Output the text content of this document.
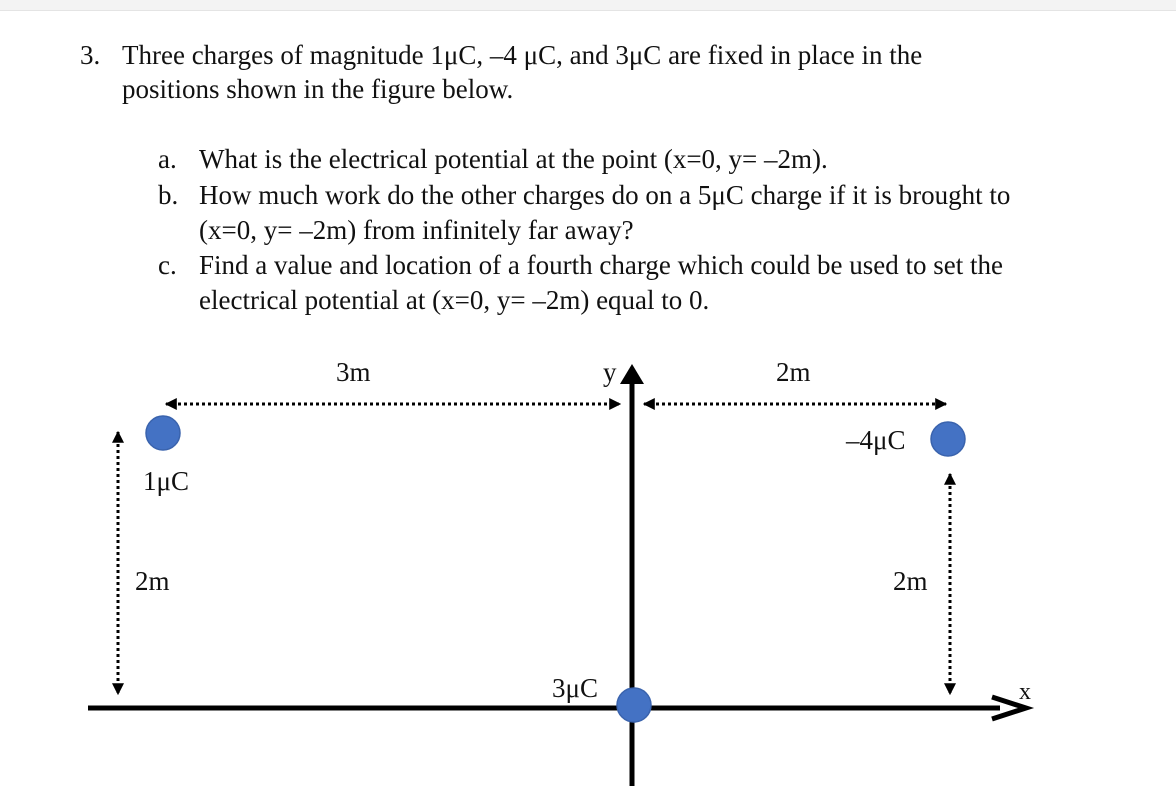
3. Three charges of magnitude 1μC, –4 μC, and 3μC are fixed in place in the
positions shown in the figure below.
a. What is the electrical potential at the point (x=0, y= –2m).
b. How much work do the other charges do on a 5μC charge if it is brought to
(x=0, y= –2m) from infinitely far away?
c. Find a value and location of a fourth charge which could be used to set the
electrical potential at (x=0, y= –2m) equal to 0.
y
x
3m	2m
2m	2m
1μC
–4μC
3μC
